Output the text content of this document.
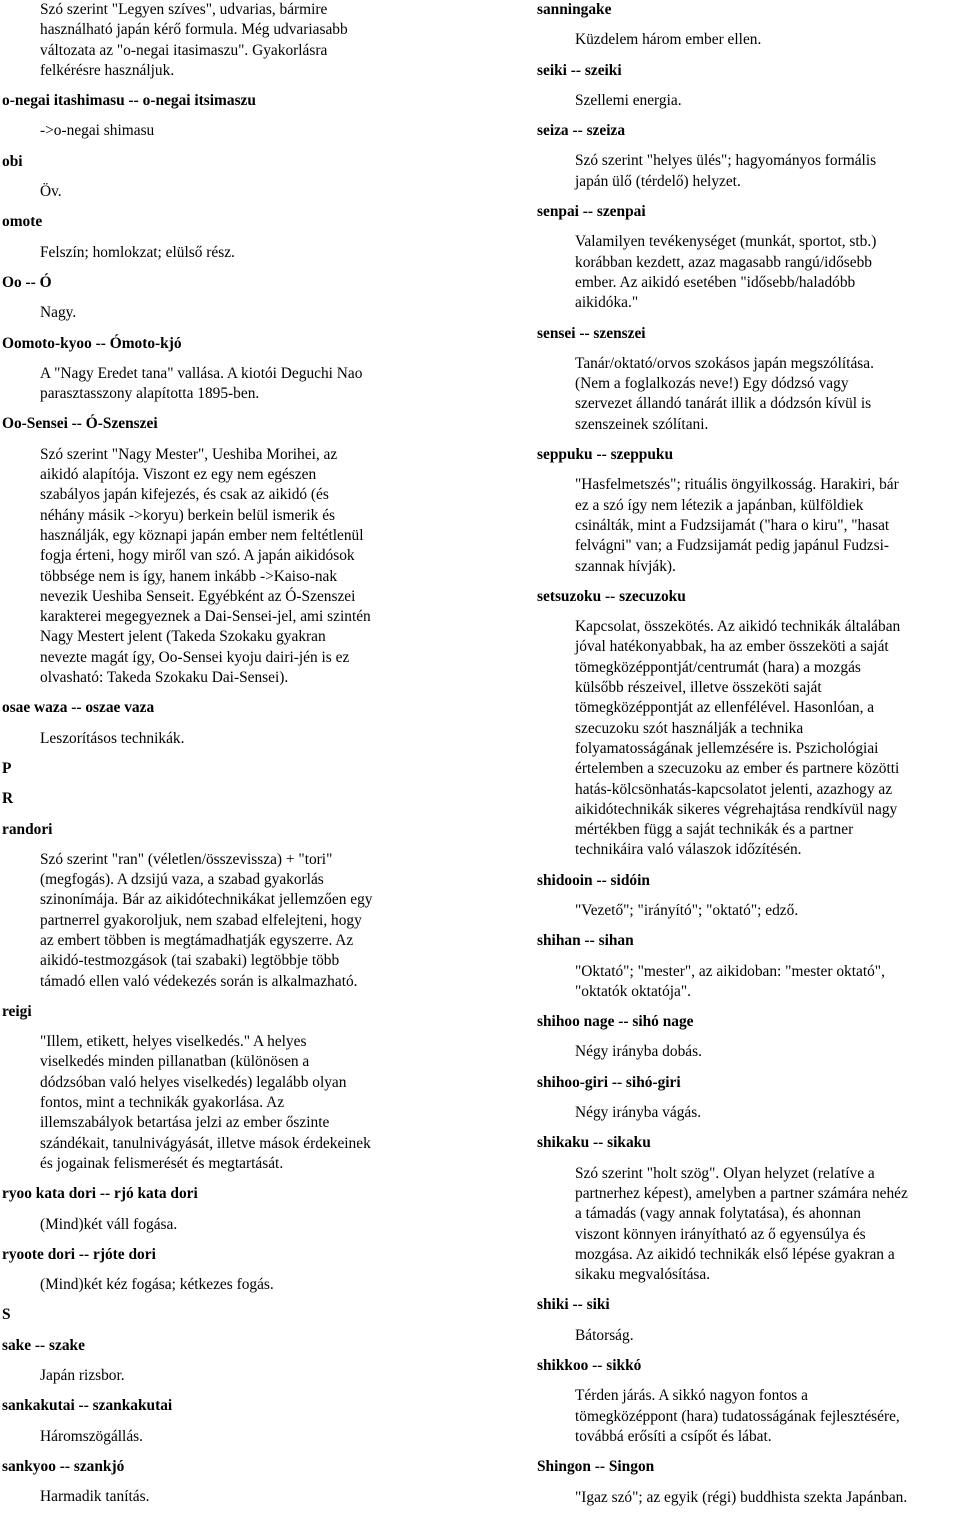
Szó szerint "Legyen szíves", udvarias, bármire
használható japán kérő formula. Még udvariasabb
változata az "o-negai itasimaszu". Gyakorlásra
felkérésre használjuk.
o-negai itashimasu -- o-negai itsimaszu
->o-negai shimasu
obi
Öv.
omote
Felszín; homlokzat; elülső rész.
Oo -- Ó
Nagy.
Oomoto-kyoo -- Ómoto-kjó
A "Nagy Eredet tana" vallása. A kiotói Deguchi Nao
parasztasszony alapította 1895-ben.
Oo-Sensei -- Ó-Szenszei
Szó szerint "Nagy Mester", Ueshiba Morihei, az
aikidó alapítója. Viszont ez egy nem egészen
szabályos japán kifejezés, és csak az aikidó (és
néhány másik ->koryu) berkein belül ismerik és
használják, egy köznapi japán ember nem feltétlenül
fogja érteni, hogy miről van szó. A japán aikidósok
többsége nem is így, hanem inkább ->Kaiso-nak
nevezik Ueshiba Senseit. Egyébként az Ó-Szenszei
karakterei megegyeznek a Dai-Sensei-jel, ami szintén
Nagy Mestert jelent (Takeda Szokaku gyakran
nevezte magát így, Oo-Sensei kyoju dairi-jén is ez
olvasható: Takeda Szokaku Dai-Sensei).
osae waza -- oszae vaza
Leszorításos technikák.
P
R
randori
Szó szerint "ran" (véletlen/összevissza) + "tori"
(megfogás). A dzsijú vaza, a szabad gyakorlás
szinonímája. Bár az aikidótechnikákat jellemzően egy
partnerrel gyakoroljuk, nem szabad elfelejteni, hogy
az embert többen is megtámadhatják egyszerre. Az
aikidó-testmozgások (tai szabaki) legtöbbje több
támadó ellen való védekezés során is alkalmazható.
reigi
"Illem, etikett, helyes viselkedés." A helyes
viselkedés minden pillanatban (különösen a
dódzsóban való helyes viselkedés) legalább olyan
fontos, mint a technikák gyakorlása. Az
illemszabályok betartása jelzi az ember őszinte
szándékait, tanulnivágyását, illetve mások érdekeinek
és jogainak felismerését és megtartását.
ryoo kata dori -- rjó kata dori
(Mind)két váll fogása.
ryoote dori -- rjóte dori
(Mind)két kéz fogása; kétkezes fogás.
S
sake -- szake
Japán rizsbor.
sankakutai -- szankakutai
Háromszögállás.
sankyoo -- szankjó
Harmadik tanítás.
sanningake
Küzdelem három ember ellen.
seiki -- szeiki
Szellemi energia.
seiza -- szeiza
Szó szerint "helyes ülés"; hagyományos formális
japán ülő (térdelő) helyzet.
senpai -- szenpai
Valamilyen tevékenységet (munkát, sportot, stb.)
korábban kezdett, azaz magasabb rangú/idősebb
ember. Az aikidó esetében "idősebb/haladóbb
aikidóka."
sensei -- szenszei
Tanár/oktató/orvos szokásos japán megszólítása.
(Nem a foglalkozás neve!) Egy dódzsó vagy
szervezet állandó tanárát illik a dódzsón kívül is
szenszeinek szólítani.
seppuku -- szeppuku
"Hasfelmetszés"; rituális öngyilkosság. Harakiri, bár
ez a szó így nem létezik a japánban, külföldiek
csinálták, mint a Fudzsijamát ("hara o kiru", "hasat
felvágni" van; a Fudzsijamát pedig japánul Fudzsi-
szannak hívják).
setsuzoku -- szecuzoku
Kapcsolat, összekötés. Az aikidó technikák általában
jóval hatékonyabbak, ha az ember összeköti a saját
tömegközéppontját/centrumát (hara) a mozgás
külsőbb részeivel, illetve összeköti saját
tömegközéppontját az ellenfélével. Hasonlóan, a
szecuzoku szót használják a technika
folyamatosságának jellemzésére is. Pszichológiai
értelemben a szecuzoku az ember és partnere közötti
hatás-kölcsönhatás-kapcsolatot jelenti, azazhogy az
aikidótechnikák sikeres végrehajtása rendkívül nagy
mértékben függ a saját technikák és a partner
technikáira való válaszok időzítésén.
shidooin -- sidóin
"Vezető"; "irányító"; "oktató"; edző.
shihan -- sihan
"Oktató"; "mester", az aikidoban: "mester oktató",
"oktatók oktatója".
shihoo nage -- sihó nage
Négy irányba dobás.
shihoo-giri -- sihó-giri
Négy irányba vágás.
shikaku -- sikaku
Szó szerint "holt szög". Olyan helyzet (relatíve a
partnerhez képest), amelyben a partner számára nehéz
a támadás (vagy annak folytatása), és ahonnan
viszont könnyen irányítható az ő egyensúlya és
mozgása. Az aikidó technikák első lépése gyakran a
sikaku megvalósítása.
shiki -- siki
Bátorság.
shikkoo -- sikkó
Térden járás. A sikkó nagyon fontos a
tömegközéppont (hara) tudatosságának fejlesztésére,
továbbá erősíti a csípőt és lábat.
Shingon -- Singon
"Igaz szó"; az egyik (régi) buddhista szekta Japánban.
